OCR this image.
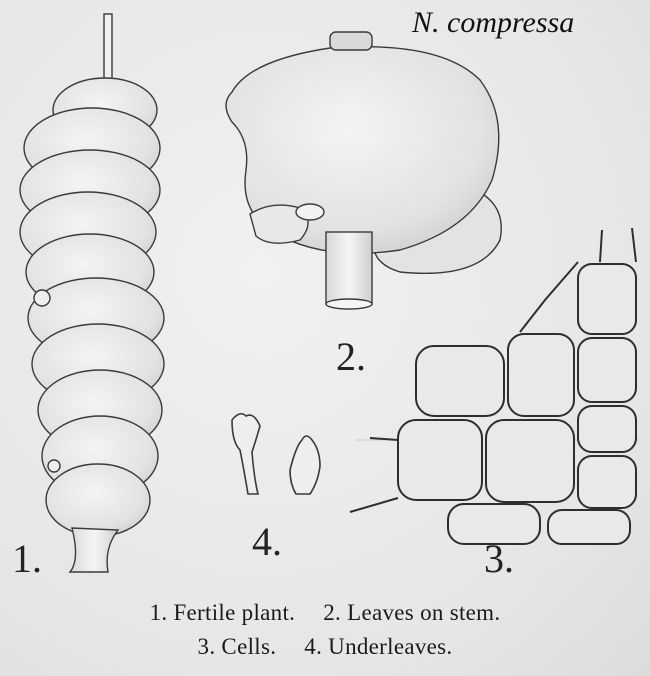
N. compressa
1.
2.
3.
4.
1. Fertile plant. 2. Leaves on stem.
3. Cells. 4. Underleaves.
